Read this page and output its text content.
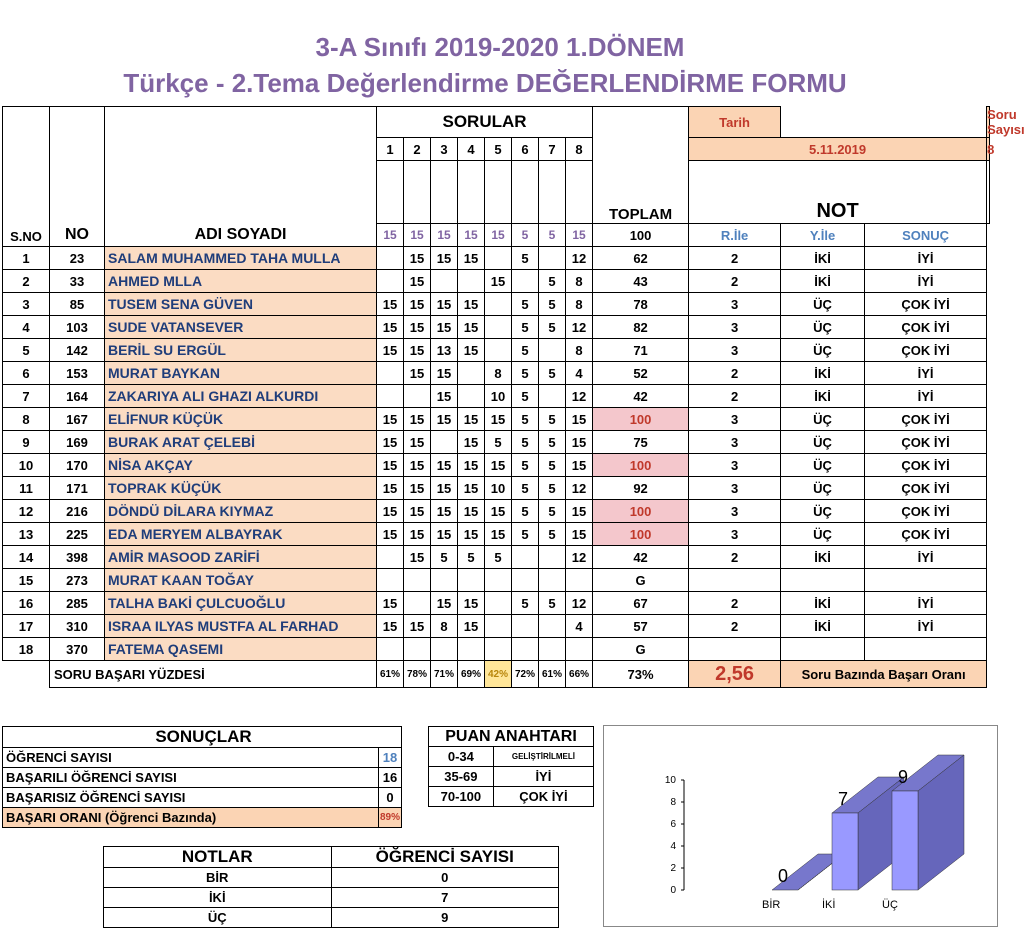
3-A Sınıfı 2019-2020 1.DÖNEM
Türkçe - 2.Tema Değerlendirme DEĞERLENDİRME FORMU
S.NO	NO	ADI SOYADI	SORULAR								TOPLAM	Tarih			Soru Sayısı
			1	2	3	4	5	6	7	8		5.11.2019			8
												NOT			
			15	15	15	15	15	5	5	15	100	R.İle	Y.İle	SONUÇ	
1	23	SALAM MUHAMMED TAHA MULLA		15	15	15		5		12	62	2	İKİ	İYİ	
2	33	AHMED MLLA		15			15		5	8	43	2	İKİ	İYİ	
3	85	TUSEM SENA GÜVEN	15	15	15	15		5	5	8	78	3	ÜÇ	ÇOK İYİ	
4	103	SUDE VATANSEVER	15	15	15	15		5	5	12	82	3	ÜÇ	ÇOK İYİ	
5	142	BERİL SU ERGÜL	15	15	13	15		5		8	71	3	ÜÇ	ÇOK İYİ	
6	153	MURAT BAYKAN		15	15		8	5	5	4	52	2	İKİ	İYİ	
7	164	ZAKARIYA ALI GHAZI ALKURDI			15		10	5		12	42	2	İKİ	İYİ	
8	167	ELİFNUR KÜÇÜK	15	15	15	15	15	5	5	15	100	3	ÜÇ	ÇOK İYİ	
9	169	BURAK ARAT ÇELEBİ	15	15		15	5	5	5	15	75	3	ÜÇ	ÇOK İYİ	
10	170	NİSA AKÇAY	15	15	15	15	15	5	5	15	100	3	ÜÇ	ÇOK İYİ	
11	171	TOPRAK KÜÇÜK	15	15	15	15	10	5	5	12	92	3	ÜÇ	ÇOK İYİ	
12	216	DÖNDÜ DİLARA KIYMAZ	15	15	15	15	15	5	5	15	100	3	ÜÇ	ÇOK İYİ	
13	225	EDA MERYEM ALBAYRAK	15	15	15	15	15	5	5	15	100	3	ÜÇ	ÇOK İYİ	
14	398	AMİR MASOOD ZARİFİ		15	5	5	5			12	42	2	İKİ	İYİ	
15	273	MURAT KAAN TOĞAY									G				
16	285	TALHA BAKİ ÇULCUOĞLU	15		15	15		5	5	12	67	2	İKİ	İYİ	
17	310	ISRAA ILYAS MUSTFA AL FARHAD	15	15	8	15				4	57	2	İKİ	İYİ	
18	370	FATEMA QASEMI									G				
	SORU BAŞARI YÜZDESİ		61%	78%	71%	69%	42%	72%	61%	66%	73%	2,56	Soru Bazında Başarı Oranı		
SONUÇLAR	
ÖĞRENCİ SAYISI	18
BAŞARILI ÖĞRENCİ SAYISI	16
BAŞARISIZ ÖĞRENCİ SAYISI	0
BAŞARI ORANI (Öğrenci Bazında)	89%
PUAN ANAHTARI	
0-34	GELİŞTİRİLMELİ
35-69	İYİ
70-100	ÇOK İYİ
NOTLAR	ÖĞRENCİ SAYISI
BİR	0
İKİ	7
ÜÇ	9
0
2
4
6
8
10
0
BİR
7
İKİ
9
ÜÇ
